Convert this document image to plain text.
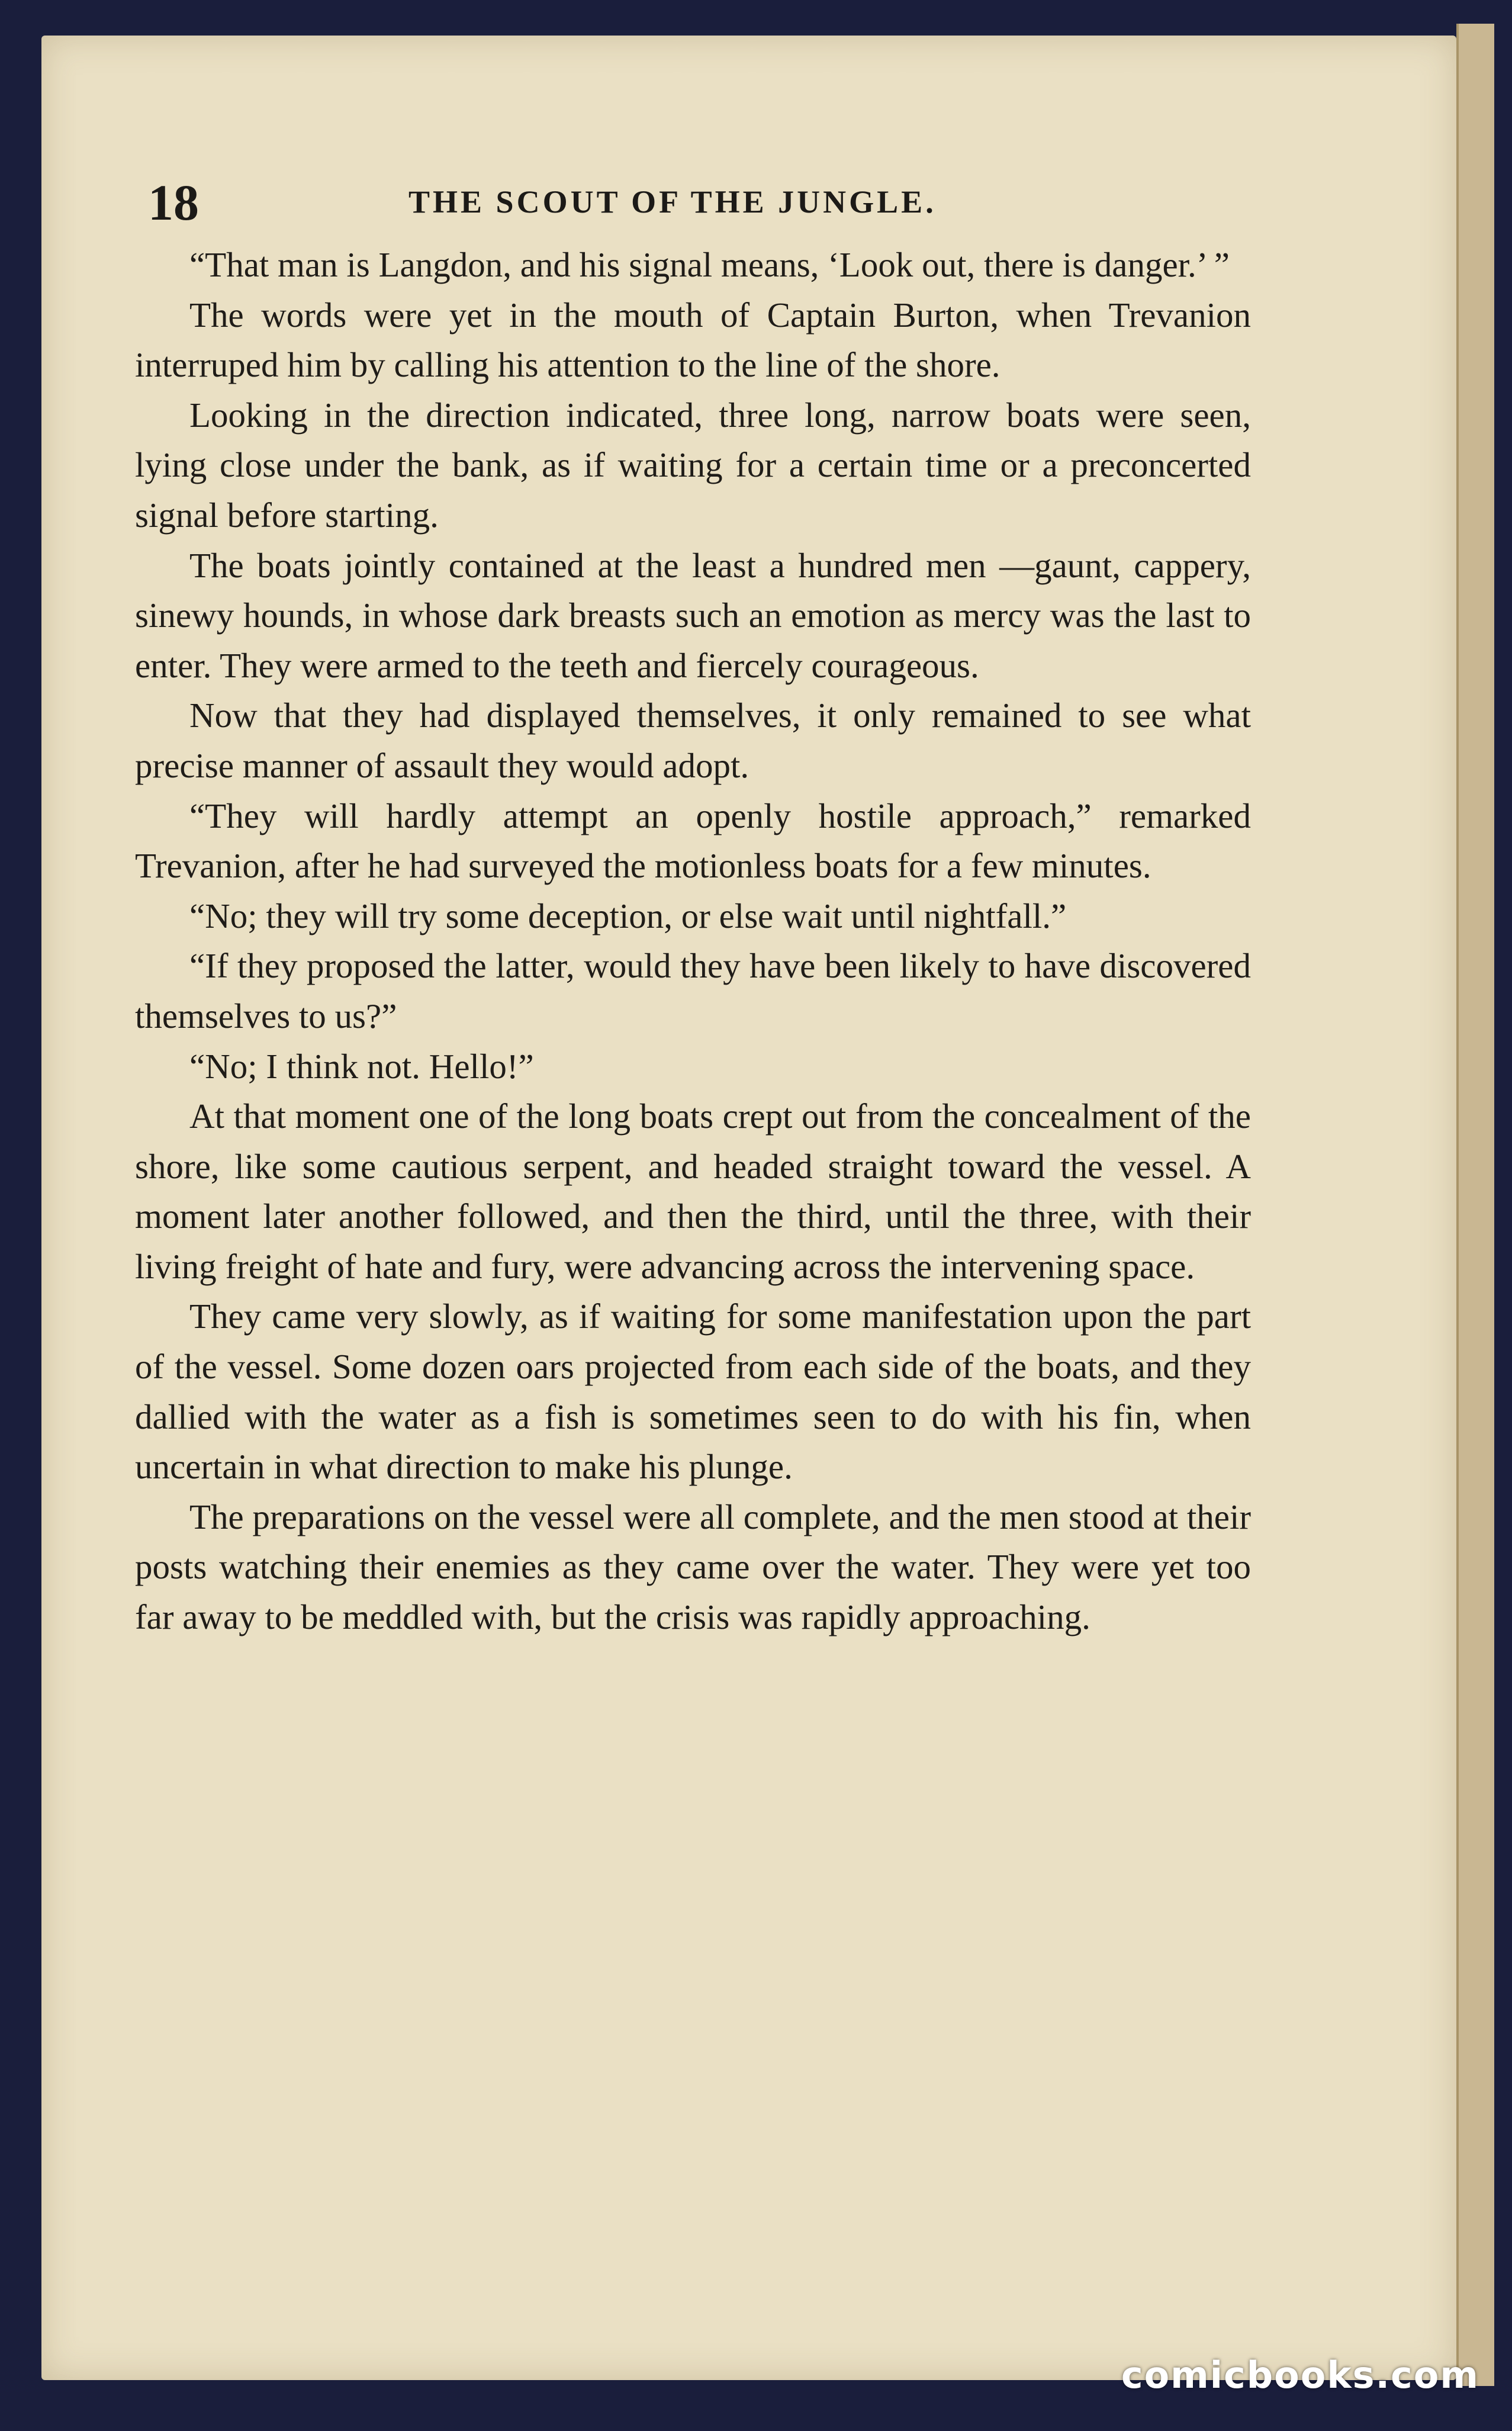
18	THE SCOUT OF THE JUNGLE.

“That man is Langdon, and his signal means, ‘Look out, there is danger.’ ”

The words were yet in the mouth of Captain Burton, when Trevanion interruped him by calling his attention to the line of the shore.

Looking in the direction indicated, three long, narrow boats were seen, lying close under the bank, as if waiting for a certain time or a preconcerted signal before starting.

The boats jointly contained at the least a hundred men —gaunt, cappery, sinewy hounds, in whose dark breasts such an emotion as mercy was the last to enter. They were armed to the teeth and fiercely courageous.

Now that they had displayed themselves, it only remained to see what precise manner of assault they would adopt.

“They will hardly attempt an openly hostile approach,” remarked Trevanion, after he had surveyed the motionless boats for a few minutes.

“No; they will try some deception, or else wait until nightfall.”

“If they proposed the latter, would they have been likely to have discovered themselves to us?”

“No; I think not. Hello!”

At that moment one of the long boats crept out from the concealment of the shore, like some cautious serpent, and headed straight toward the vessel. A moment later another followed, and then the third, until the three, with their living freight of hate and fury, were advancing across the intervening space.

They came very slowly, as if waiting for some manifestation upon the part of the vessel. Some dozen oars projected from each side of the boats, and they dallied with the water as a fish is sometimes seen to do with his fin, when uncertain in what direction to make his plunge.

The preparations on the vessel were all complete, and the men stood at their posts watching their enemies as they came over the water. They were yet too far away to be meddled with, but the crisis was rapidly approaching.

comicbooks.com
